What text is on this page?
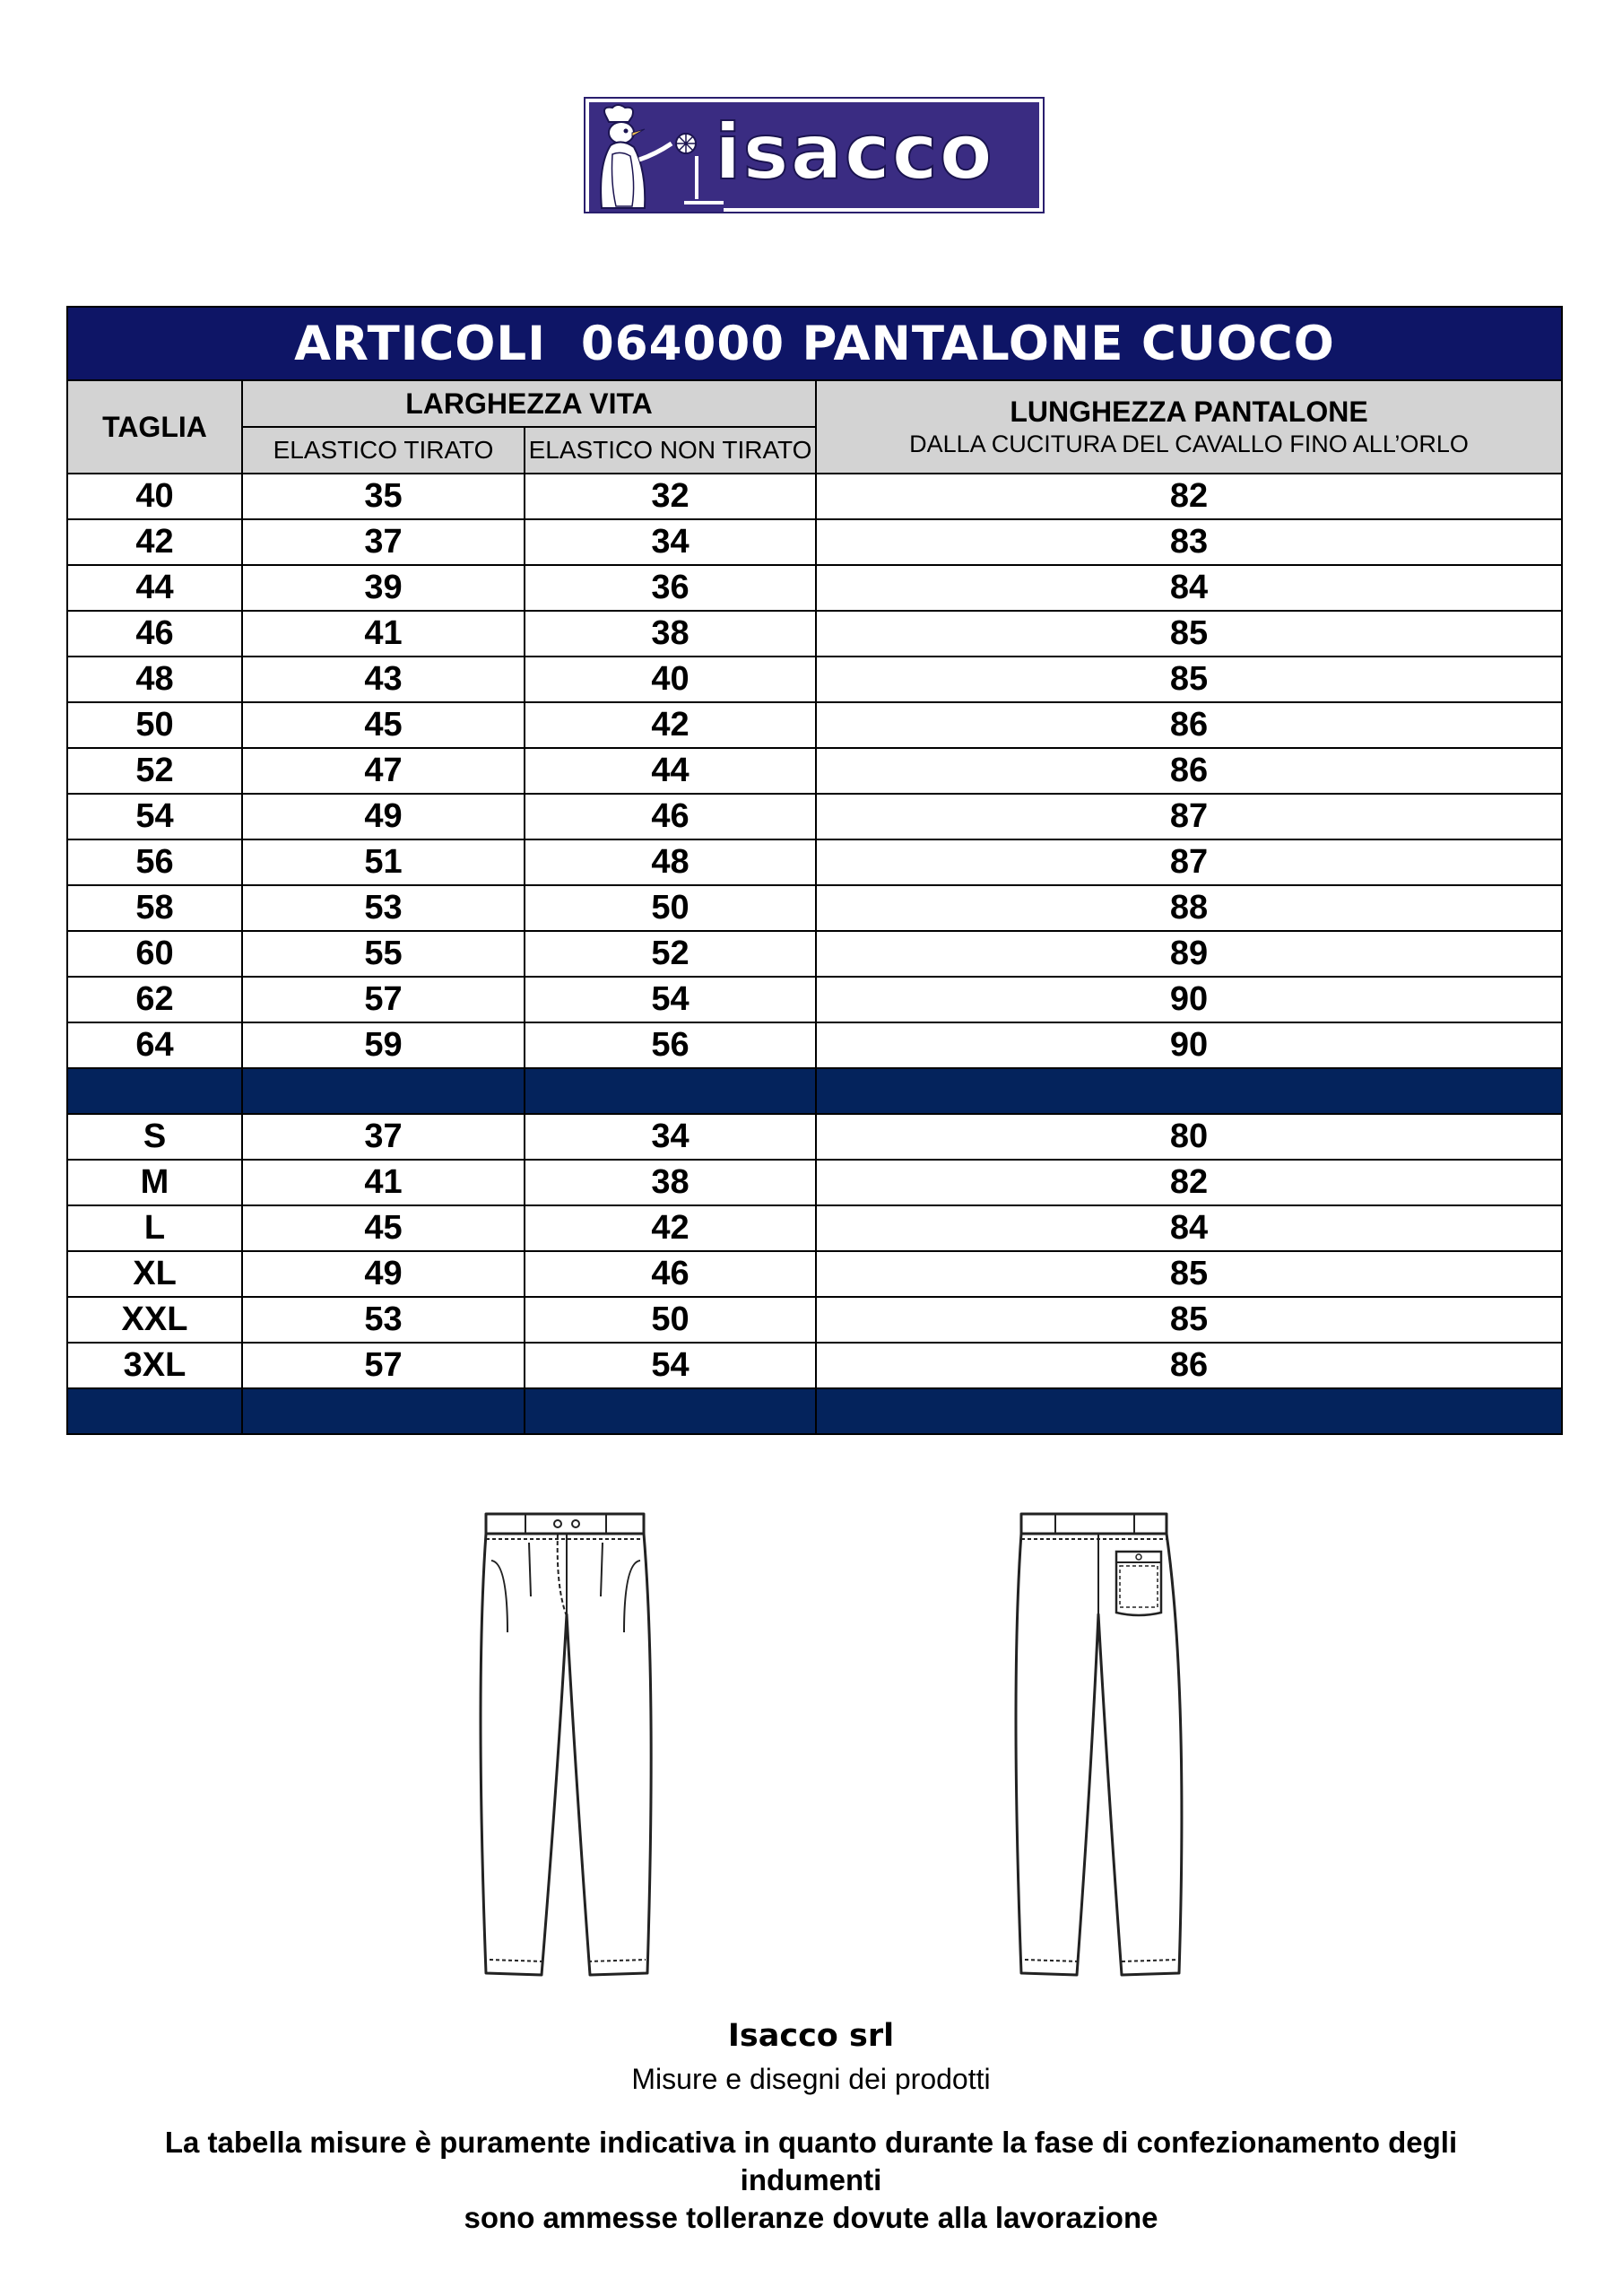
isacco
ARTICOLI  064000 PANTALONE CUOCO			
TAGLIA	LARGHEZZA VITA		LUNGHEZZA PANTALONE
DALLA CUCITURA DEL CAVALLO FINO ALL’ORLO

	ELASTICO TIRATO	ELASTICO NON TIRATO	
40	35	32	82
42	37	34	83
44	39	36	84
46	41	38	85
48	43	40	85
50	45	42	86
52	47	44	86
54	49	46	87
56	51	48	87
58	53	50	88
60	55	52	89
62	57	54	90
64	59	56	90

S	37	34	80
M	41	38	82
L	45	42	84
XL	49	46	85
XXL	53	50	85
3XL	57	54	86

Isacco srl
Misure e disegni dei prodotti
La tabella misure è puramente indicativa in quanto durante la fase di confezionamento degli indumenti
sono ammesse tolleranze dovute alla lavorazione
